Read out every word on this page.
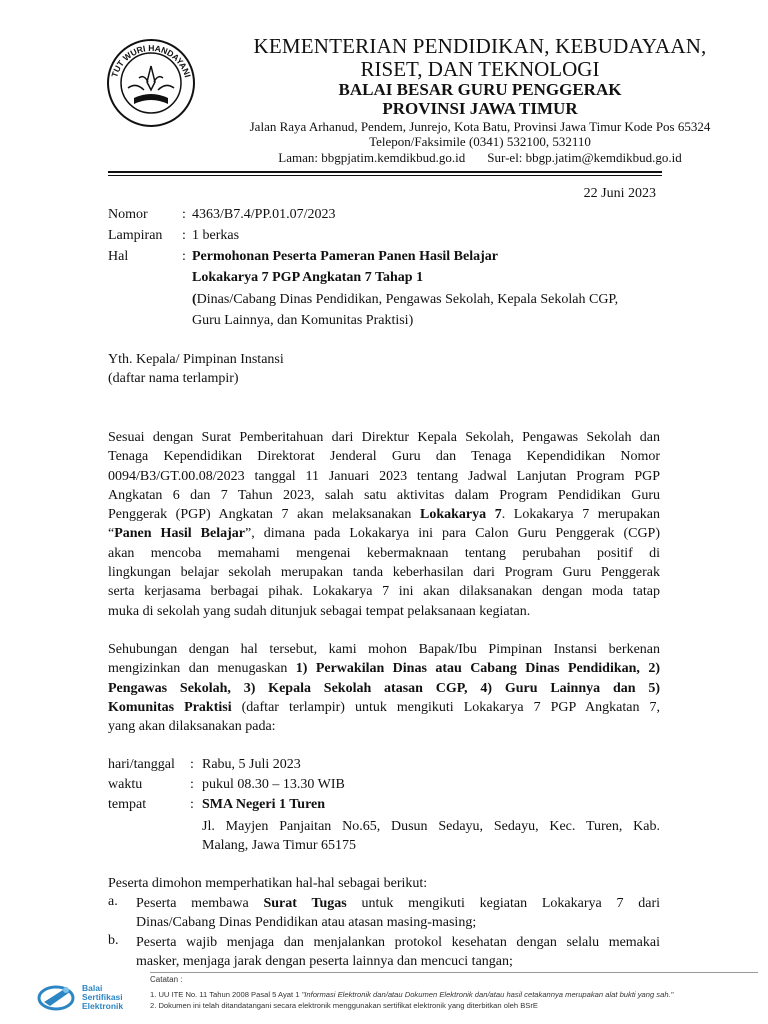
TUT WURI HANDAYANI
KEMENTERIAN PENDIDIKAN, KEBUDAYAAN,
RISET, DAN TEKNOLOGI
BALAI BESAR GURU PENGGERAK
PROVINSI JAWA TIMUR
Jalan Raya Arhanud, Pendem, Junrejo, Kota Batu, Provinsi Jawa Timur Kode Pos 65324
Telepon/Faksimile (0341) 532100, 532110
Laman: bbgpjatim.kemdikbud.go.id Sur-el: bbgp.jatim@kemdikbud.go.id
22 Juni 2023
Nomor : 4363/B7.4/PP.01.07/2023
Lampiran : 1 berkas
Hal	: Permohonan Peserta Pameran Panen Hasil Belajar
Lokakarya 7 PGP Angkatan 7 Tahap 1
(Dinas/Cabang Dinas Pendidikan, Pengawas Sekolah, Kepala Sekolah CGP,
Guru Lainnya, dan Komunitas Praktisi)
Yth. Kepala/ Pimpinan Instansi
(daftar nama terlampir)
Sesuai dengan Surat Pemberitahuan dari Direktur Kepala Sekolah, Pengawas Sekolah dan
Tenaga Kependidikan Direktorat Jenderal Guru dan Tenaga Kependidikan Nomor
0094/B3/GT.00.08/2023 tanggal 11 Januari 2023 tentang Jadwal Lanjutan Program PGP
Angkatan 6 dan 7 Tahun 2023, salah satu aktivitas dalam Program Pendidikan Guru
Penggerak (PGP) Angkatan 7 akan melaksanakan Lokakarya 7. Lokakarya 7 merupakan
“Panen Hasil Belajar”, dimana pada Lokakarya ini para Calon Guru Penggerak (CGP)
akan mencoba memahami mengenai kebermaknaan tentang perubahan positif di
lingkungan belajar sekolah merupakan tanda keberhasilan dari Program Guru Penggerak
serta kerjasama berbagai pihak. Lokakarya 7 ini akan dilaksanakan dengan moda tatap
muka di sekolah yang sudah ditunjuk sebagai tempat pelaksanaan kegiatan.
Sehubungan dengan hal tersebut, kami mohon Bapak/Ibu Pimpinan Instansi berkenan
mengizinkan dan menugaskan 1) Perwakilan Dinas atau Cabang Dinas Pendidikan, 2)
Pengawas Sekolah, 3) Kepala Sekolah atasan CGP, 4) Guru Lainnya dan 5)
Komunitas Praktisi (daftar terlampir) untuk mengikuti Lokakarya 7 PGP Angkatan 7,
yang akan dilaksanakan pada:
hari/tanggal : Rabu, 5 Juli 2023
waktu	: pukul 08.30 – 13.30 WIB
tempat	: SMA Negeri 1 Turen
Jl. Mayjen Panjaitan No.65, Dusun Sedayu, Sedayu, Kec. Turen, Kab.
Malang, Jawa Timur 65175
Peserta dimohon memperhatikan hal-hal sebagai berikut:
a. Peserta membawa Surat Tugas untuk mengikuti kegiatan Lokakarya 7 dari
Dinas/Cabang Dinas Pendidikan atau atasan masing-masing;
b. Peserta wajib menjaga dan menjalankan protokol kesehatan dengan selalu memakai
masker, menjaga jarak dengan peserta lainnya dan mencuci tangan;
Balai
Sertifikasi
Elektronik
Catatan :
1. UU ITE No. 11 Tahun 2008 Pasal 5 Ayat 1 "Informasi Elektronik dan/atau Dokumen Elektronik dan/atau hasil cetakannya merupakan alat bukti yang sah."
2. Dokumen ini telah ditandatangani secara elektronik menggunakan sertifikat elektronik yang diterbitkan oleh BSrE
